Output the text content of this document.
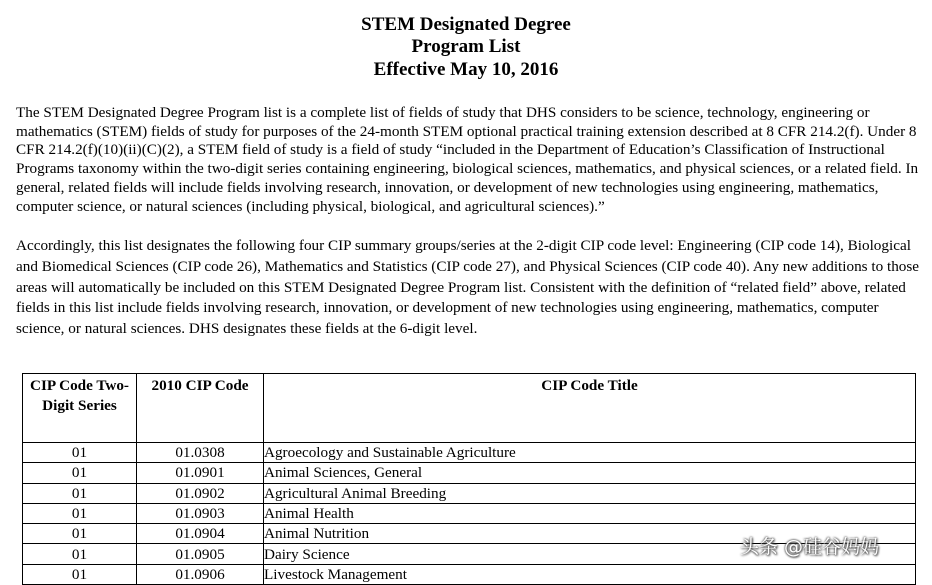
STEM Designated Degree
Program List
Effective May 10, 2016

The STEM Designated Degree Program list is a complete list of fields of study that DHS considers to be science, technology, engineering or mathematics (STEM) fields of study for purposes of the 24-month STEM optional practical training extension described at 8 CFR 214.2(f). Under 8 CFR 214.2(f)(10)(ii)(C)(2), a STEM field of study is a field of study “included in the Department of Education’s Classification of Instructional Programs taxonomy within the two-digit series containing engineering, biological sciences, mathematics, and physical sciences, or a related field. In general, related fields will include fields involving research, innovation, or development of new technologies using engineering, mathematics, computer science, or natural sciences (including physical, biological, and agricultural sciences).”

Accordingly, this list designates the following four CIP summary groups/series at the 2-digit CIP code level: Engineering (CIP code 14), Biological and Biomedical Sciences (CIP code 26), Mathematics and Statistics (CIP code 27), and Physical Sciences (CIP code 40). Any new additions to those areas will automatically be included on this STEM Designated Degree Program list. Consistent with the definition of “related field” above, related fields in this list include fields involving research, innovation, or development of new technologies using engineering, mathematics, computer science, or natural sciences. DHS designates these fields at the 6-digit level.

CIP Code Two-Digit Series	2010 CIP Code	CIP Code Title
01	01.0308	Agroecology and Sustainable Agriculture
01	01.0901	Animal Sciences, General
01	01.0902	Agricultural Animal Breeding
01	01.0903	Animal Health
01	01.0904	Animal Nutrition
01	01.0905	Dairy Science
01	01.0906	Livestock Management
头条 @硅谷妈妈
